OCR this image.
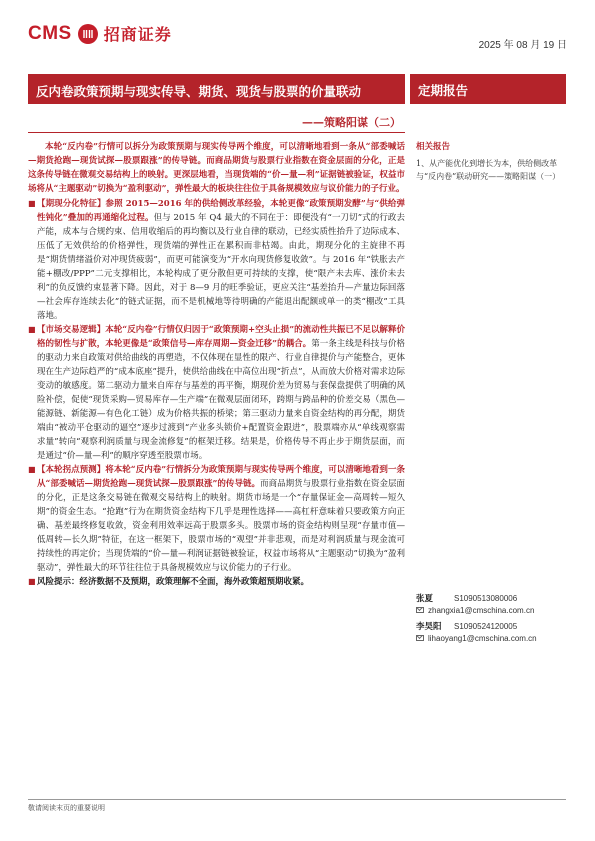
CMS 招商证券
2025 年 08 月 19 日
反内卷政策预期与现实传导、期货、现货与股票的价量联动	定期报告
——策略阳谋（二）

本轮“反内卷”行情可以拆分为政策预期与现实传导两个维度，可以清晰地看到一条从“部委喊话—期货抢跑—现货试探—股票跟涨”的传导链。而商品期货与股票行业指数在资金层面的分化，正是这条传导链在微观交易结构上的映射。更深层地看，当现货端的“价—量—利”证据链被验证，权益市场将从“主题驱动”切换为“盈利驱动”，弹性最大的板块往往位于具备规模效应与议价能力的子行业。

■ 【期现分化特征】参照 2015—2016 年的供给侧改革经验，本轮更像“政策预期发酵”与“供给弹性钝化”叠加的再通缩化过程。但与 2015 年 Q4 最大的不同在于：即便没有“一刀切”式的行政去产能，成本与合规约束、信用收缩后的再均衡以及行业自律的联动，已经实质性抬升了边际成本、压低了无效供给的价格弹性，现货端的弹性正在累积而非枯竭。由此，期现分化的主旋律不再是“期货情绪溢价对冲现货疲弱”，而更可能演变为“开水向现货修复收敛”。与 2016 年“铁胀去产能+棚改/PPP”二元支撑相比，本轮构成了更分散但更可持续的支撑，使“限产未去库、涨价未去利”的负反馈约束显著下降。因此，对于 8—9 月的旺季验证，更应关注“基差抬升—产量边际回落—社会库存连续去化”的链式证据，而不是机械地等待明确的产能退出配额或单一的类“棚改”工具落地。

■ 【市场交易逻辑】本轮“反内卷”行情仅归因于“政策预期+空头止损”的流动性共振已不足以解释价格的韧性与扩散，本轮更像是“政策信号—库存周期—资金迁移”的耦合。第一条主线是科技与价格的驱动力来自政策对供给曲线的再塑造，不仅体现在显性的限产、行业自律提价与产能整合，更体现在生产边际趋严的“成本底座”提升，使供给曲线在中高位出现“折点”，从而放大价格对需求边际变动的敏感度。第二驱动力量来自库存与基差的再平衡，期现价差为贸易与套保盘提供了明确的风险补偿，促使“现货采购—贸易库存—生产端”在微观层面闭环，跨期与跨品种的价差交易（黑色—能源链、新能源—有色化工链）成为价格共振的桥梁；第三驱动力量来自资金结构的再分配，期货端由“被动平仓驱动的逼空”逐步过渡到“产业多头锁价+配置资金跟进”，股票端亦从“单线观察需求量”转向“观察利润质量与现金流修复”的框架迁移。结果是，价格传导不再止步于期货层面，而是通过“价—量—利”的顺序穿透至股票市场。

■ 【本轮拐点预测】将本轮“反内卷”行情拆分为政策预期与现实传导两个维度，可以清晰地看到一条从“部委喊话—期货抢跑—现货试探—股票跟涨”的传导链。而商品期货与股票行业指数在资金层面的分化，正是这条交易链在微观交易结构上的映射。期货市场是一个“存量保证金—高周转—短久期”的资金生态。“抢跑”行为在期货资金结构下几乎是理性选择——高杠杆意味着只要政策方向正确、基差最终修复收敛，资金利用效率远高于股票多头。股票市场的资金结构则呈现“存量市值—低周转—长久期”特征，在这一框架下，股票市场的“观望”并非悲观，而是对利润质量与现金流可持续性的再定价；当现货端的“价—量—利润证据链被验证，权益市场将从“主题驱动”切换为“盈利驱动”，弹性最大的环节往往位于具备规模效应与议价能力的子行业。

■ 风险提示：经济数据不及预期，政策理解不全面，海外政策超预期收紧。

相关报告
1、从产能优化到增长为本，供给侧改革与“反内卷”联动研究——策略阳谋（一）
张夏	S1090513080006
zhangxia1@cmschina.com.cn
李昊阳	S1090524120005
lihaoyang1@cmschina.com.cn
敬请阅读末页的重要说明
